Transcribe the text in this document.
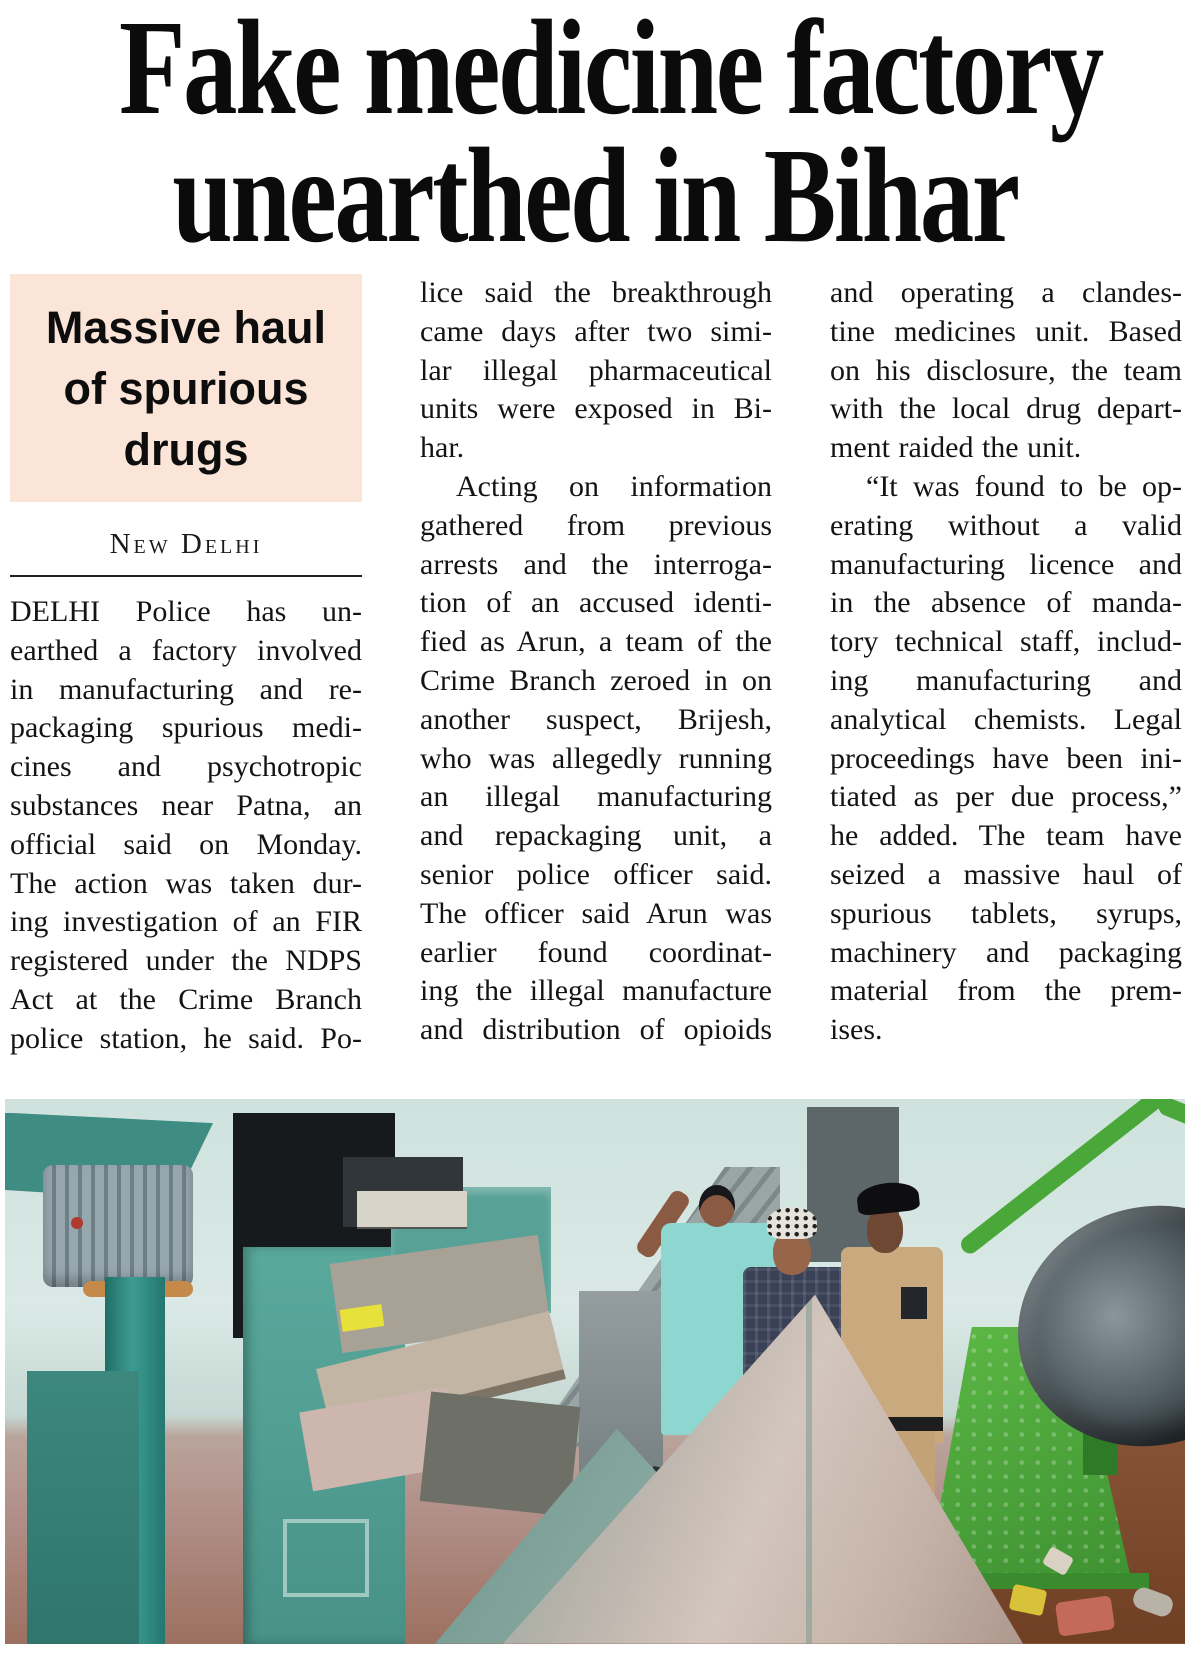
Fake medicine factory
unearthed in Bihar
Massive haul
of spurious
drugs
New Delhi
DELHI Police has un-
earthed a factory involved
in manufacturing and re-
packaging spurious medi-
cines and psychotropic
substances near Patna, an
official said on Monday.
The action was taken dur-
ing investigation of an FIR
registered under the NDPS
Act at the Crime Branch
police station, he said. Po-
lice said the breakthrough
came days after two simi-
lar illegal pharmaceutical
units were exposed in Bi-
har.
Acting on information
gathered from previous
arrests and the interroga-
tion of an accused identi-
fied as Arun, a team of the
Crime Branch zeroed in on
another suspect, Brijesh,
who was allegedly running
an illegal manufacturing
and repackaging unit, a
senior police officer said.
The officer said Arun was
earlier found coordinat-
ing the illegal manufacture
and distribution of opioids
and operating a clandes-
tine medicines unit. Based
on his disclosure, the team
with the local drug depart-
ment raided the unit.
“It was found to be op-
erating without a valid
manufacturing licence and
in the absence of manda-
tory technical staff, includ-
ing manufacturing and
analytical chemists. Legal
proceedings have been ini-
tiated as per due process,”
he added. The team have
seized a massive haul of
spurious tablets, syrups,
machinery and packaging
material from the prem-
ises.
